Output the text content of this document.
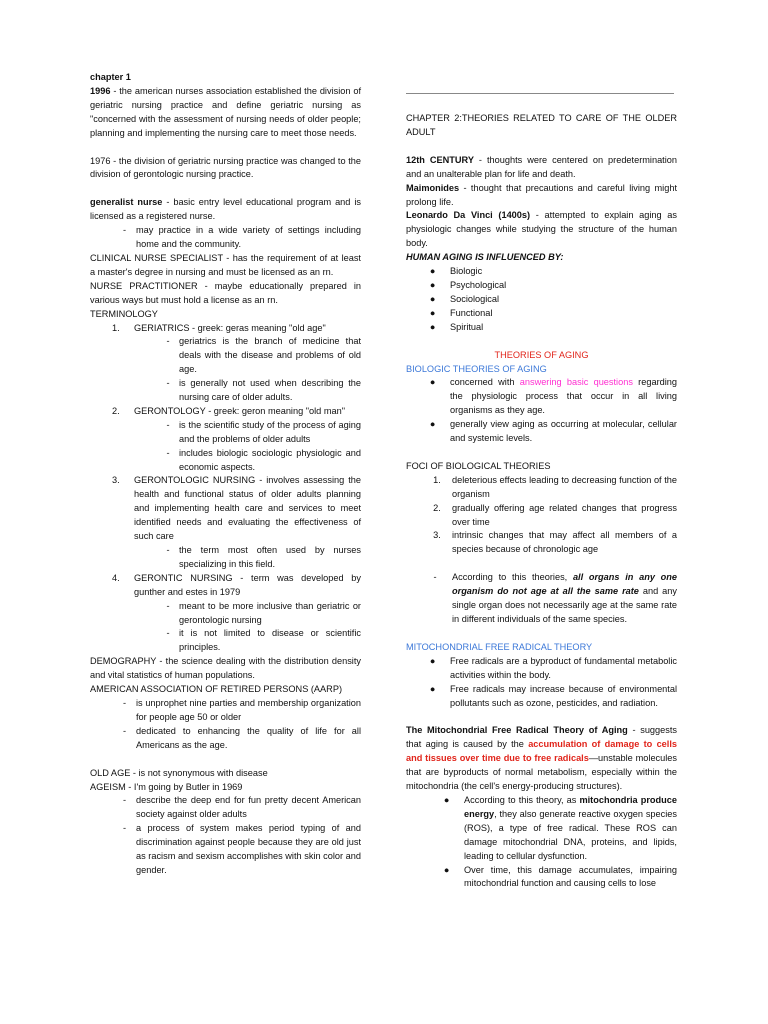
chapter 1

1996 - the american nurses association established the division of geriatric nursing practice and define geriatric nursing as "concerned with the assessment of nursing needs of older people; planning and implementing the nursing care to meet those needs.

1976 - the division of geriatric nursing practice was changed to the division of gerontologic nursing practice.

generalist nurse - basic entry level educational program and is licensed as a registered nurse.

-	may practice in a wide variety of settings including home and the community.

CLINICAL NURSE SPECIALIST - has the requirement of at least a master's degree in nursing and must be licensed as an rn.

NURSE PRACTITIONER - maybe educationally prepared in various ways but must hold a license as an rn.

TERMINOLOGY

1.	GERIATRICS - greek: geras meaning "old age"
-	geriatrics is the branch of medicine that deals with the disease and problems of old age.
-	is generally not used when describing the nursing care of older adults.
2.	GERONTOLOGY - greek: geron meaning "old man"
-	is the scientific study of the process of aging and the problems of older adults
-	includes biologic sociologic physiologic and economic aspects.
3.	GERONTOLOGIC NURSING - involves assessing the health and functional status of older adults planning and implementing health care and services to meet identified needs and evaluating the effectiveness of such care
-	the term most often used by nurses specializing in this field.
4.	GERONTIC NURSING - term was developed by gunther and estes in 1979
-	meant to be more inclusive than geriatric or gerontologic nursing
-	it is not limited to disease or scientific principles.

DEMOGRAPHY - the science dealing with the distribution density and vital statistics of human populations.

AMERICAN ASSOCIATION OF RETIRED PERSONS (AARP)

-	is unprophet nine parties and membership organization for people age 50 or older
-	dedicated to enhancing the quality of life for all Americans as the age.

OLD AGE - is not synonymous with disease

AGEISM - I'm going by Butler in 1969

-	describe the deep end for fun pretty decent American society against older adults
-	a process of system makes period typing of and discrimination against people because they are old just as racism and sexism accomplishes with skin color and gender.

CHAPTER 2:THEORIES RELATED TO CARE OF THE OLDER ADULT

12th CENTURY - thoughts were centered on predetermination and an unalterable plan for life and death.

Maimonides - thought that precautions and careful living might prolong life.

Leonardo Da Vinci (1400s) - attempted to explain aging as physiologic changes while studying the structure of the human body.

HUMAN AGING IS INFLUENCED BY:

●	Biologic
●	Psychological
●	Sociological
●	Functional
●	Spiritual

THEORIES OF AGING

BIOLOGIC THEORIES OF AGING

●	concerned with answering basic questions regarding the physiologic process that occur in all living organisms as they age.
●	generally view aging as occurring at molecular, cellular and systemic levels.

FOCI OF BIOLOGICAL THEORIES

1.	deleterious effects leading to decreasing function of the organism
2.	gradually offering age related changes that progress over time
3.	intrinsic changes that may affect all members of a species because of chronologic age
-	According to this theories, all organs in any one organism do not age at all the same rate and any single organ does not necessarily age at the same rate in different individuals of the same species.

MITOCHONDRIAL FREE RADICAL THEORY

●	Free radicals are a byproduct of fundamental metabolic activities within the body.
●	Free radicals may increase because of environmental pollutants such as ozone, pesticides, and radiation.

The Mitochondrial Free Radical Theory of Aging - suggests that aging is caused by the accumulation of damage to cells and tissues over time due to free radicals—unstable molecules that are byproducts of normal metabolism, especially within the mitochondria (the cell's energy-producing structures).

●	According to this theory, as mitochondria produce energy, they also generate reactive oxygen species (ROS), a type of free radical. These ROS can damage mitochondrial DNA, proteins, and lipids, leading to cellular dysfunction.
●	Over time, this damage accumulates, impairing mitochondrial function and causing cells to lose
